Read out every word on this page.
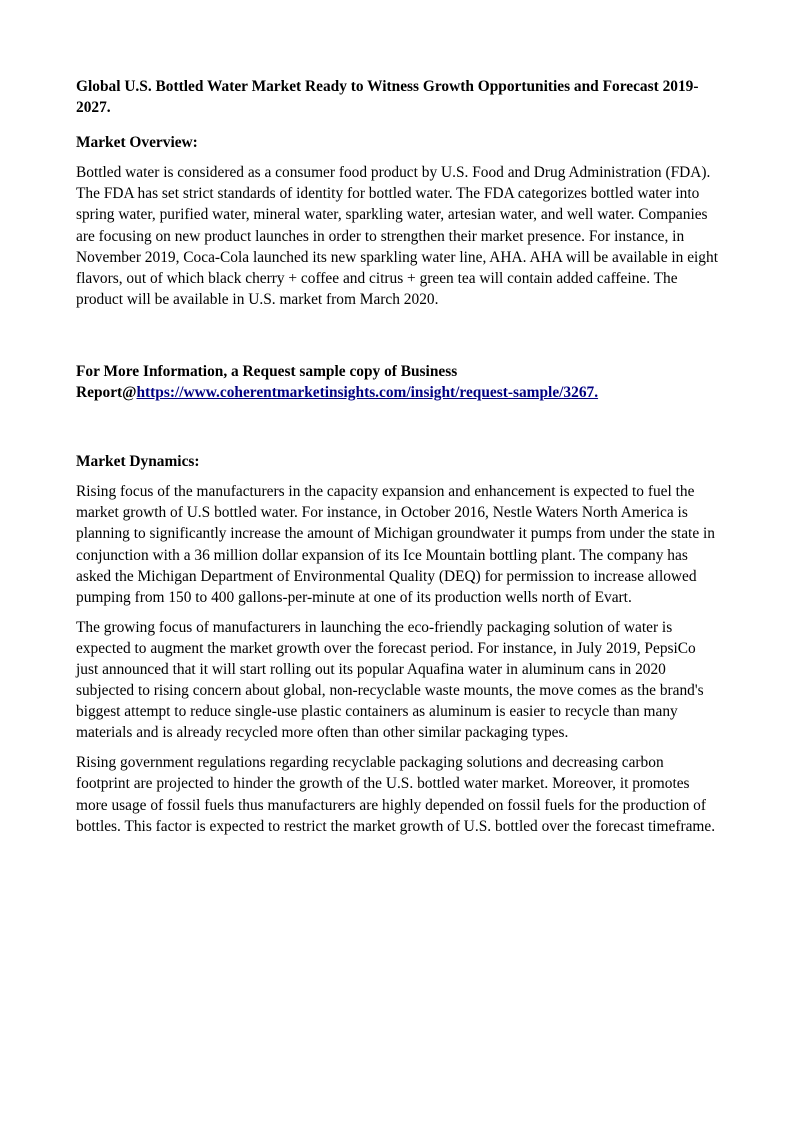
Global U.S. Bottled Water Market Ready to Witness Growth Opportunities and Forecast 2019-2027.

Market Overview:

Bottled water is considered as a consumer food product by U.S. Food and Drug Administration (FDA). The FDA has set strict standards of identity for bottled water. The FDA categorizes bottled water into spring water, purified water, mineral water, sparkling water, artesian water, and well water. Companies are focusing on new product launches in order to strengthen their market presence. For instance, in November 2019, Coca-Cola launched its new sparkling water line, AHA. AHA will be available in eight flavors, out of which black cherry + coffee and citrus + green tea will contain added caffeine. The product will be available in U.S. market from March 2020.

For More Information, a Request sample copy of Business Report@https://www.coherentmarketinsights.com/insight/request-sample/3267.

Market Dynamics:

Rising focus of the manufacturers in the capacity expansion and enhancement is expected to fuel the market growth of U.S bottled water. For instance, in October 2016, Nestle Waters North America is planning to significantly increase the amount of Michigan groundwater it pumps from under the state in conjunction with a 36 million dollar expansion of its Ice Mountain bottling plant. The company has asked the Michigan Department of Environmental Quality (DEQ) for permission to increase allowed pumping from 150 to 400 gallons-per-minute at one of its production wells north of Evart.

The growing focus of manufacturers in launching the eco-friendly packaging solution of water is expected to augment the market growth over the forecast period. For instance, in July 2019, PepsiCo just announced that it will start rolling out its popular Aquafina water in aluminum cans in 2020 subjected to rising concern about global, non-recyclable waste mounts, the move comes as the brand's biggest attempt to reduce single-use plastic containers as aluminum is easier to recycle than many materials and is already recycled more often than other similar packaging types.

Rising government regulations regarding recyclable packaging solutions and decreasing carbon footprint are projected to hinder the growth of the U.S. bottled water market. Moreover, it promotes more usage of fossil fuels thus manufacturers are highly depended on fossil fuels for the production of bottles. This factor is expected to restrict the market growth of U.S. bottled over the forecast timeframe.
